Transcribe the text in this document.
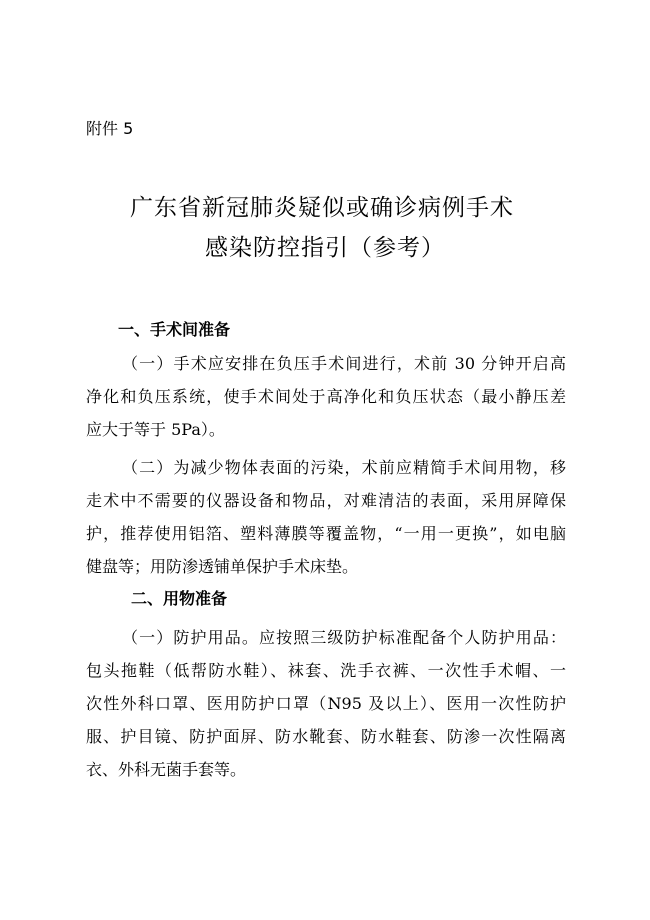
附件 5
广东省新冠肺炎疑似或确诊病例手术
感染防控指引（参考）
一、手术间准备
（一）手术应安排在负压手术间进行，术前 30 分钟开启高
净化和负压系统，使手术间处于高净化和负压状态（最小静压差
应大于等于 5Pa）。
（二）为减少物体表面的污染，术前应精简手术间用物，移
走术中不需要的仪器设备和物品，对难清洁的表面，采用屏障保
护，推荐使用铝箔、塑料薄膜等覆盖物，“一用一更换”，如电脑
健盘等；用防渗透铺单保护手术床垫。
二、用物准备
（一）防护用品。应按照三级防护标准配备个人防护用品：
包头拖鞋（低帮防水鞋）、袜套、洗手衣裤、一次性手术帽、一
次性外科口罩、医用防护口罩（N95 及以上）、医用一次性防护
服、护目镜、防护面屏、防水靴套、防水鞋套、防渗一次性隔离
衣、外科无菌手套等。
